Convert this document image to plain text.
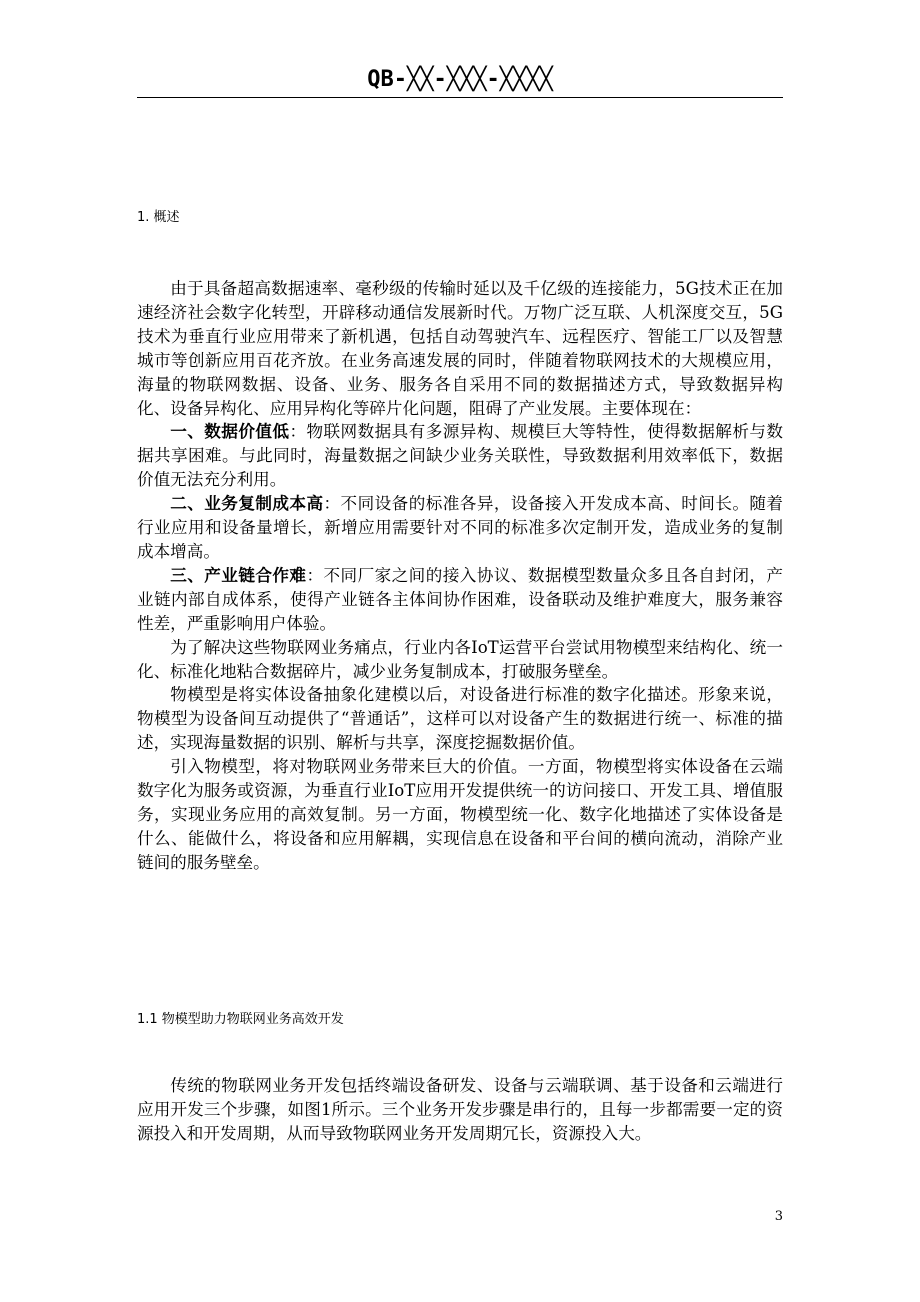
QB-╳╳-╳╳╳-╳╳╳╳
1. 概述

由于具备超高数据速率、毫秒级的传输时延以及千亿级的连接能力，5G技术正在加速经济社会数字化转型，开辟移动通信发展新时代。万物广泛互联、人机深度交互，5G技术为垂直行业应用带来了新机遇，包括自动驾驶汽车、远程医疗、智能工厂以及智慧城市等创新应用百花齐放。在业务高速发展的同时，伴随着物联网技术的大规模应用，海量的物联网数据、设备、业务、服务各自采用不同的数据描述方式，导致数据异构化、设备异构化、应用异构化等碎片化问题，阻碍了产业发展。主要体现在：

一、数据价值低：物联网数据具有多源异构、规模巨大等特性，使得数据解析与数据共享困难。与此同时，海量数据之间缺少业务关联性，导致数据利用效率低下，数据价值无法充分利用。

二、业务复制成本高：不同设备的标准各异，设备接入开发成本高、时间长。随着行业应用和设备量增长，新增应用需要针对不同的标准多次定制开发，造成业务的复制成本增高。

三、产业链合作难：不同厂家之间的接入协议、数据模型数量众多且各自封闭，产业链内部自成体系，使得产业链各主体间协作困难，设备联动及维护难度大，服务兼容性差，严重影响用户体验。

为了解决这些物联网业务痛点，行业内各IoT运营平台尝试用物模型来结构化、统一化、标准化地粘合数据碎片，减少业务复制成本，打破服务壁垒。

物模型是将实体设备抽象化建模以后，对设备进行标准的数字化描述。形象来说，物模型为设备间互动提供了“普通话”，这样可以对设备产生的数据进行统一、标准的描述，实现海量数据的识别、解析与共享，深度挖掘数据价值。

引入物模型，将对物联网业务带来巨大的价值。一方面，物模型将实体设备在云端数字化为服务或资源，为垂直行业IoT应用开发提供统一的访问接口、开发工具、增值服务，实现业务应用的高效复制。另一方面，物模型统一化、数字化地描述了实体设备是什么、能做什么，将设备和应用解耦，实现信息在设备和平台间的横向流动，消除产业链间的服务壁垒。

1.1 物模型助力物联网业务高效开发

传统的物联网业务开发包括终端设备研发、设备与云端联调、基于设备和云端进行应用开发三个步骤，如图1所示。三个业务开发步骤是串行的，且每一步都需要一定的资源投入和开发周期，从而导致物联网业务开发周期冗长，资源投入大。

3
